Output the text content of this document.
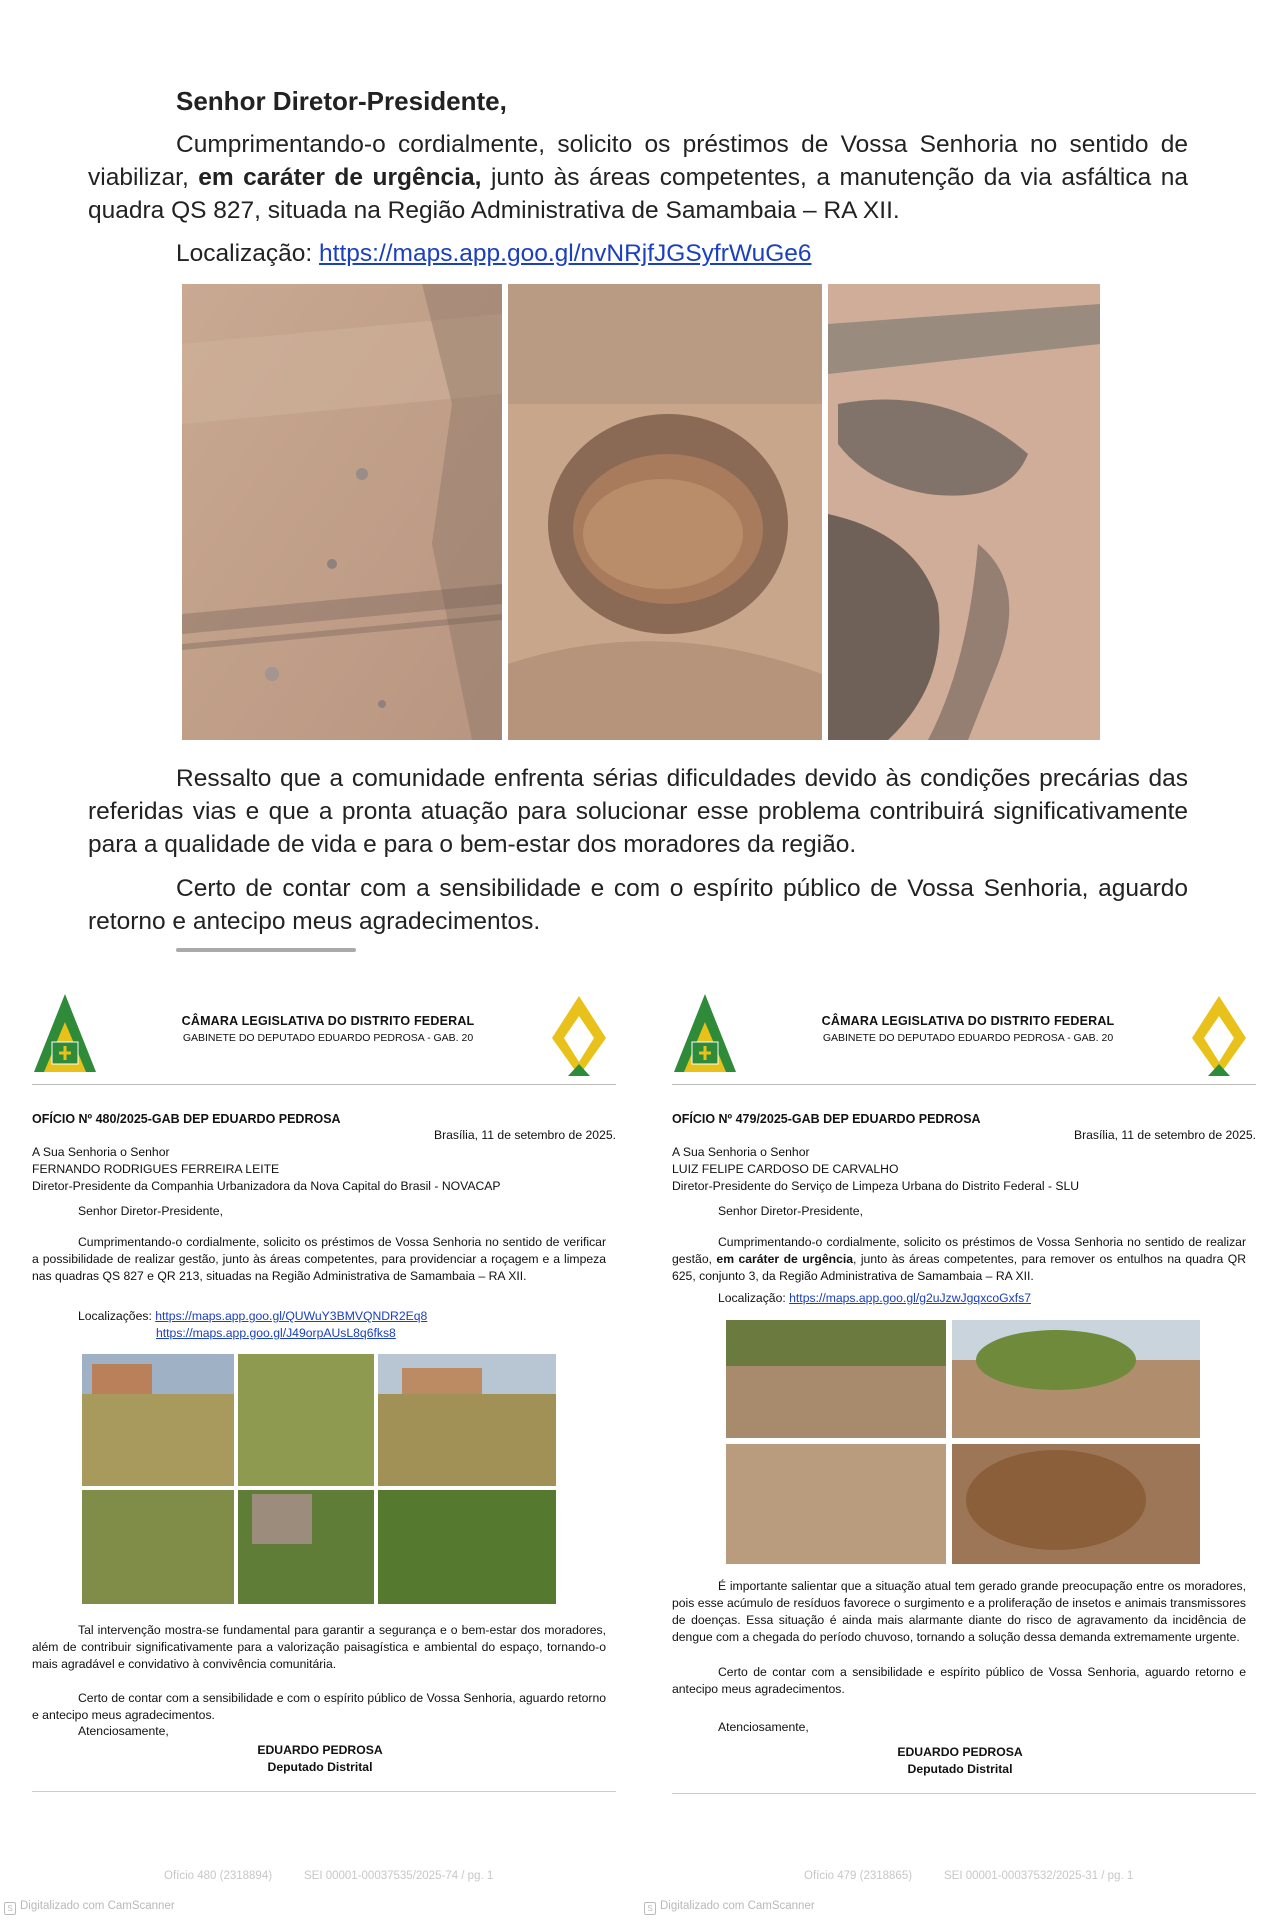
Senhor Diretor-Presidente,
Cumprimentando-o cordialmente, solicito os préstimos de Vossa Senhoria no sentido de viabilizar, em caráter de urgência, junto às áreas competentes, a manutenção da via asfáltica na quadra QS 827, situada na Região Administrativa de Samambaia – RA XII.
Localização: https://maps.app.goo.gl/nvNRjfJGSyfrWuGe6
Ressalto que a comunidade enfrenta sérias dificuldades devido às condições precárias das referidas vias e que a pronta atuação para solucionar esse problema contribuirá significativamente para a qualidade de vida e para o bem-estar dos moradores da região.
Certo de contar com a sensibilidade e com o espírito público de Vossa Senhoria, aguardo retorno e antecipo meus agradecimentos.
CÂMARA LEGISLATIVA DO DISTRITO FEDERAL
GABINETE DO DEPUTADO EDUARDO PEDROSA - GAB. 20
OFÍCIO Nº 480/2025-GAB DEP EDUARDO PEDROSA
Brasília, 11 de setembro de 2025.
A Sua Senhoria o Senhor
FERNANDO RODRIGUES FERREIRA LEITE
Diretor-Presidente da Companhia Urbanizadora da Nova Capital do Brasil - NOVACAP
Senhor Diretor-Presidente,
Cumprimentando-o cordialmente, solicito os préstimos de Vossa Senhoria no sentido de verificar a possibilidade de realizar gestão, junto às áreas competentes, para providenciar a roçagem e a limpeza nas quadras QS 827 e QR 213, situadas na Região Administrativa de Samambaia – RA XII.
Localizações: https://maps.app.goo.gl/QUWuY3BMVQNDR2Eq8
https://maps.app.goo.gl/J49orpAUsL8q6fks8
Tal intervenção mostra-se fundamental para garantir a segurança e o bem-estar dos moradores, além de contribuir significativamente para a valorização paisagística e ambiental do espaço, tornando-o mais agradável e convidativo à convivência comunitária.
Certo de contar com a sensibilidade e com o espírito público de Vossa Senhoria, aguardo retorno e antecipo meus agradecimentos.
Atenciosamente,
EDUARDO PEDROSA
Deputado Distrital
CÂMARA LEGISLATIVA DO DISTRITO FEDERAL
GABINETE DO DEPUTADO EDUARDO PEDROSA - GAB. 20
OFÍCIO Nº 479/2025-GAB DEP EDUARDO PEDROSA
Brasília, 11 de setembro de 2025.
A Sua Senhoria o Senhor
LUIZ FELIPE CARDOSO DE CARVALHO
Diretor-Presidente do Serviço de Limpeza Urbana do Distrito Federal - SLU
Senhor Diretor-Presidente,
Cumprimentando-o cordialmente, solicito os préstimos de Vossa Senhoria no sentido de realizar gestão, em caráter de urgência, junto às áreas competentes, para remover os entulhos na quadra QR 625, conjunto 3, da Região Administrativa de Samambaia – RA XII.
Localização: https://maps.app.goo.gl/g2uJzwJgqxcoGxfs7
É importante salientar que a situação atual tem gerado grande preocupação entre os moradores, pois esse acúmulo de resíduos favorece o surgimento e a proliferação de insetos e animais transmissores de doenças. Essa situação é ainda mais alarmante diante do risco de agravamento da incidência de dengue com a chegada do período chuvoso, tornando a solução dessa demanda extremamente urgente.
Certo de contar com a sensibilidade e espírito público de Vossa Senhoria, aguardo retorno e antecipo meus agradecimentos.
Atenciosamente,
EDUARDO PEDROSA
Deputado Distrital
Ofício 480 (2318894)          SEI 00001-00037535/2025-74 / pg. 1	Ofício 479 (2318865)          SEI 00001-00037532/2025-31 / pg. 1
S Digitalizado com CamScanner	S Digitalizado com CamScanner
